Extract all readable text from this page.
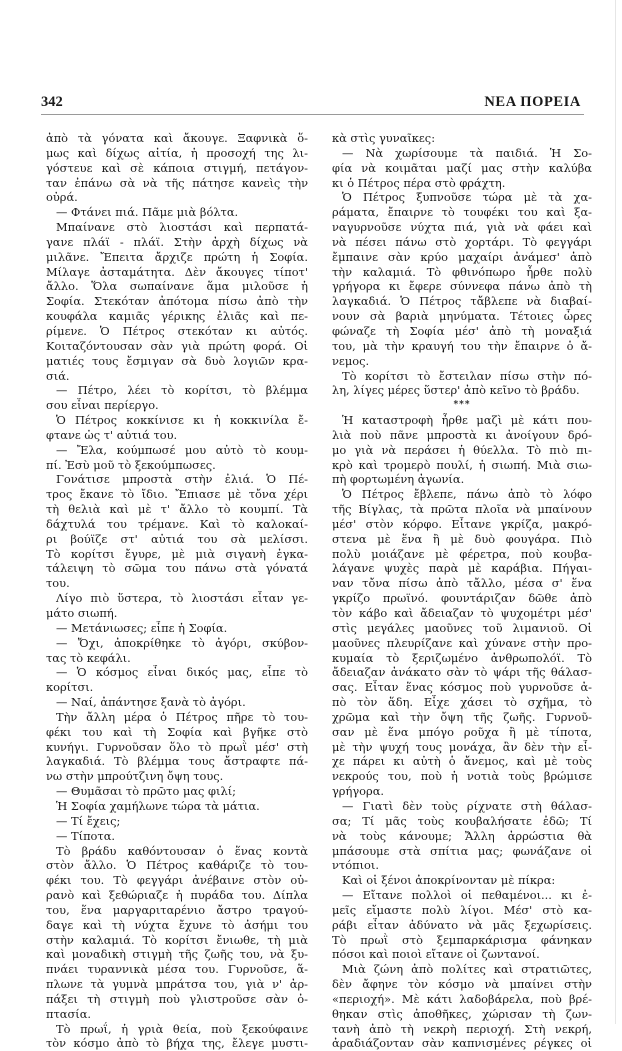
342	ΝΕΑ ΠΟΡΕΙΑ
ἀπὸ τὰ γόνατα καὶ ἄκουγε. Ξαφνικὰ ὅ-
μως καὶ δίχως αἰτία, ἡ προσοχή της λι-
γόστευε καὶ σὲ κάποια στιγμή, πετάγον-
ταν ἐπάνω σὰ νὰ τῆς πάτησε κανεὶς τὴν
οὐρά.
— Φτάνει πιά. Πᾶμε μιὰ βόλτα.
Μπαίνανε στὸ λιοστάσι καὶ περπατά-
γανε πλάϊ - πλάϊ. Στὴν ἀρχὴ δίχως νὰ
μιλᾶνε. Ἔπειτα ἄρχιζε πρώτη ἡ Σοφία.
Μίλαγε ἀσταμάτητα. Δὲν ἄκουγες τίποτ'
ἄλλο. Ὅλα σωπαίνανε ἅμα μιλοῦσε ἡ
Σοφία. Στεκόταν ἀπότομα πίσω ἀπὸ τὴν
κουφάλα καμιᾶς γέρικης ἐλιᾶς καὶ πε-
ρίμενε. Ὁ Πέτρος στεκόταν κι αὐτός.
Κοιταζόντουσαν σὰν γιὰ πρώτη φορά. Οἱ
ματιές τους ἔσμιγαν σὰ δυὸ λογιῶν κρα-
σιά.
— Πέτρο, λέει τὸ κορίτσι, τὸ βλέμμα
σου εἶναι περίεργο.
Ὁ Πέτρος κοκκίνισε κι ἡ κοκκινίλα ἔ-
φτανε ὡς τ' αὐτιά του.
— Ἔλα, κούμπωσέ μου αὐτὸ τὸ κουμ-
πί. Ἐσὺ μοῦ τὸ ξεκούμπωσες.
Γονάτισε μπροστὰ στὴν ἐλιά. Ὁ Πέ-
τρος ἔκανε τὸ ἴδιο. Ἔπιασε μὲ τὄνα χέρι
τὴ θελιὰ καὶ μὲ τ' ἄλλο τὸ κουμπί. Τὰ
δάχτυλά του τρέμανε. Καὶ τὸ καλοκαί-
ρι βούϊζε στ' αὐτιά του σὰ μελίσσι.
Τὸ κορίτσι ἔγυρε, μὲ μιὰ σιγανὴ ἐγκα-
τάλειψη τὸ σῶμα του πάνω στὰ γόνατά
του.
Λίγο πιὸ ὕστερα, τὸ λιοστάσι εἶταν γε-
μάτο σιωπή.
— Μετάνιωσες; εἶπε ἡ Σοφία.
— Ὄχι, ἀποκρίθηκε τὸ ἀγόρι, σκύβον-
τας τὸ κεφάλι.
— Ὁ κόσμος εἶναι δικός μας, εἶπε τὸ
κορίτσι.
— Ναί, ἀπάντησε ξανὰ τὸ ἀγόρι.
Τὴν ἄλλη μέρα ὁ Πέτρος πῆρε τὸ του-
φέκι του καὶ τὴ Σοφία καὶ βγῆκε στὸ
κυνήγι. Γυρνοῦσαν ὅλο τὸ πρωῒ μέσ' στὴ
λαγκαδιά. Τὸ βλέμμα τους ἄστραφτε πά-
νω στὴν μπρούτζινη ὄψη τους.
— Θυμᾶσαι τὸ πρῶτο μας φιλί;
Ἡ Σοφία χαμήλωνε τώρα τὰ μάτια.
— Τί ἔχεις;
— Τίποτα.
Τὸ βράδυ καθόντουσαν ὁ ἕνας κοντὰ
στὸν ἄλλο. Ὁ Πέτρος καθάριζε τὸ του-
φέκι του. Τὸ φεγγάρι ἀνέβαινε στὸν οὐ-
ρανὸ καὶ ξεθώριαζε ἡ πυράδα του. Δίπλα
του, ἕνα μαργαριταρένιο ἄστρο τραγού-
δαγε καὶ τὴ νύχτα ἔχυνε τὸ ἀσήμι του
στὴν καλαμιά. Τὸ κορίτσι ἔνιωθε, τὴ μιὰ
καὶ μοναδικὴ στιγμὴ τῆς ζωῆς του, νὰ ξυ-
πνάει τυραννικὰ μέσα του. Γυρνοῦσε, ἅ-
πλωνε τὰ γυμνὰ μπράτσα του, γιὰ ν' ἀρ-
πάξει τὴ στιγμὴ ποὺ γλιστροῦσε σὰν ὀ-
πτασία.
Τὸ πρωΐ, ἡ γριὰ θεία, ποὺ ξεκούφαινε
τὸν κόσμο ἀπὸ τὸ βήχα της, ἔλεγε μυστι-
κὰ στὶς γυναῖκες:
— Νὰ χωρίσουμε τὰ παιδιά. Ἡ Σο-
φία νὰ κοιμᾶται μαζί μας στὴν καλύβα
κι ὁ Πέτρος πέρα στὸ φράχτη.
Ὁ Πέτρος ξυπνοῦσε τώρα μὲ τὰ χα-
ράματα, ἔπαιρνε τὸ τουφέκι του καὶ ξα-
ναγυρνοῦσε νύχτα πιά, γιὰ νὰ φάει καὶ
νὰ πέσει πάνω στὸ χορτάρι. Τὸ φεγγάρι
ἔμπαινε σὰν κρύο μαχαίρι ἀνάμεσ' ἀπὸ
τὴν καλαμιά. Τὸ φθινόπωρο ἦρθε πολὺ
γρήγορα κι ἔφερε σύννεφα πάνω ἀπὸ τὴ
λαγκαδιά. Ὁ Πέτρος τἄβλεπε νὰ διαβαί-
νουν σὰ βαριὰ μηνύματα. Τέτοιες ὧρες
φώναζε τὴ Σοφία μέσ' ἀπὸ τὴ μοναξιά
του, μὰ τὴν κραυγή του τὴν ἔπαιρνε ὁ ἄ-
νεμος.
Τὸ κορίτσι τὸ ἔστειλαν πίσω στὴν πό-
λη, λίγες μέρες ὕστερ' ἀπὸ κεῖνο τὸ βράδυ.
***
Ἡ καταστροφὴ ἦρθε μαζὶ μὲ κάτι που-
λιὰ ποὺ πᾶνε μπροστὰ κι ἀνοίγουν δρό-
μο γιὰ νὰ περάσει ἡ θύελλα. Τὸ πιὸ πι-
κρὸ καὶ τρομερὸ πουλί, ἡ σιωπή. Μιὰ σιω-
πὴ φορτωμένη ἀγωνία.
Ὁ Πέτρος ἔβλεπε, πάνω ἀπὸ τὸ λόφο
τῆς Βίγλας, τὰ πρῶτα πλοῖα νὰ μπαίνουν
μέσ' στὸν κόρφο. Εἶτανε γκρίζα, μακρό-
στενα μὲ ἕνα ἢ μὲ δυὸ φουγάρα. Πιὸ
πολὺ μοιάζανε μὲ φέρετρα, ποὺ κουβα-
λάγανε ψυχὲς παρὰ μὲ καράβια. Πήγαι-
ναν τὄνα πίσω ἀπὸ τἄλλο, μέσα σ' ἕνα
γκρίζο πρωϊνό. φουντάριζαν δῶθε ἀπὸ
τὸν κάβο καὶ ἄδειαζαν τὸ ψυχομέτρι μέσ'
στὶς μεγάλες μαοῦνες τοῦ λιμανιοῦ. Οἱ
μαοῦνες πλευρίζανε καὶ χύνανε στὴν προ-
κυμαία τὸ ξεριζωμένο ἀνθρωπολόϊ. Τὸ
ἄδειαζαν ἀνάκατο σὰν τὸ ψάρι τῆς θάλασ-
σας. Εἶταν ἕνας κόσμος ποὺ γυρνοῦσε ἀ-
πὸ τὸν ἅδη. Εἶχε χάσει τὸ σχῆμα, τὸ
χρῶμα καὶ τὴν ὄψη τῆς ζωῆς. Γυρνοῦ-
σαν μὲ ἕνα μπόγο ροῦχα ἢ μὲ τίποτα,
μὲ τὴν ψυχή τους μονάχα, ἂν δὲν τὴν εἶ-
χε πάρει κι αὐτὴ ὁ ἄνεμος, καὶ μὲ τοὺς
νεκρούς του, ποὺ ἡ νοτιὰ τοὺς βρώμισε
γρήγορα.
— Γιατὶ δὲν τοὺς ρίχνατε στὴ θάλασ-
σα; Τί μᾶς τοὺς κουβαλήσατε ἐδῶ; Τί
νὰ τοὺς κάνουμε; Ἄλλη ἀρρώστια θὰ
μπάσουμε στὰ σπίτια μας; φωνάζανε οἱ
ντόπιοι.
Καὶ οἱ ξένοι ἀποκρίνονταν μὲ πίκρα:
— Εἴτανε πολλοὶ οἱ πεθαμένοι... κι ἐ-
μεῖς εἴμαστε πολὺ λίγοι. Μέσ' στὸ κα-
ράβι εἶταν ἀδύνατο νὰ μᾶς ξεχωρίσεις.
Τὸ πρωῒ στὸ ξεμπαρκάρισμα φάνηκαν
πόσοι καὶ ποιοὶ εἴτανε οἱ ζωντανοί.
Μιὰ ζώνη ἀπὸ πολίτες καὶ στρατιῶτες,
δὲν ἄφηνε τὸν κόσμο νὰ μπαίνει στὴν
«περιοχή». Μὲ κάτι λαδοβάρελα, ποὺ βρέ-
θηκαν στὶς ἀποθῆκες, χώρισαν τὴ ζων-
τανὴ ἀπὸ τὴ νεκρὴ περιοχή. Στὴ νεκρή,
ἀραδιάζονταν σὰν καπνισμένες ρέγκες οἱ
